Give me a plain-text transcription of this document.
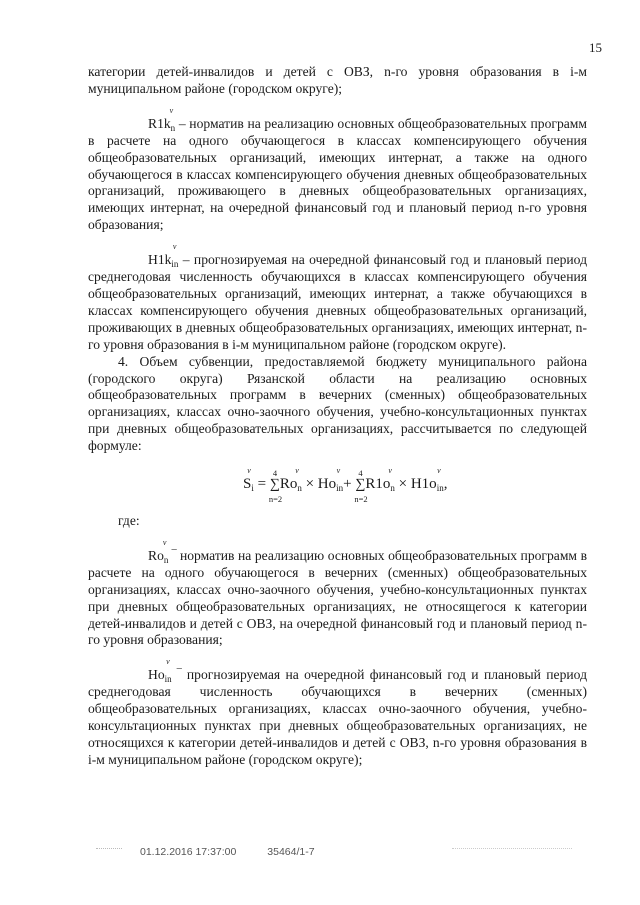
15

категории детей-инвалидов и детей с ОВЗ, n-го уровня образования в i-м муниципальном районе (городском округе);

v
$R1k_n$ – норматив на реализацию основных общеобразовательных программ в расчете на одного обучающегося в классах компенсирующего обучения общеобразовательных организаций, имеющих интернат, а также на одного обучающегося в классах компенсирующего обучения дневных общеобразовательных организаций, проживающего в дневных общеобразовательных организациях, имеющих интернат, на очередной финансовый год и плановый период n-го уровня образования;

v
$H1k_{in}$ – прогнозируемая на очередной финансовый год и плановый период среднегодовая численность обучающихся в классах компенсирующего обучения общеобразовательных организаций, имеющих интернат, а также обучающихся в классах компенсирующего обучения дневных общеобразовательных организаций, проживающих в дневных общеобразовательных организациях, имеющих интернат, n-го уровня образования в i-м муниципальном районе (городском округе).

4. Объем субвенции, предоставляемой бюджету муниципального района (городского округа) Рязанской области на реализацию основных общеобразовательных программ в вечерних (сменных) общеобразовательных организациях, классах очно-заочного обучения, учебно-консультационных пунктах при дневных общеобразовательных организациях, рассчитывается по следующей формуле:

v
$S_i$ =
4
∑
n=2
v
$Ro_n$ ×
v
$Ho_{in}+$
4
∑
n=2
v
$R1o_n$ ×
v
$H1o_{in}$,

где:

v
$Ro_n$ ‾ норматив на реализацию основных общеобразовательных программ в расчете на одного обучающегося в вечерних (сменных) общеобразовательных организациях, классах очно-заочного обучения, учебно-консультационных пунктах при дневных общеобразовательных организациях, не относящегося к категории детей-инвалидов и детей с ОВЗ, на очередной финансовый год и плановый период n-го уровня образования;

v
$Ho_{in}$ ‾ прогнозируемая на очередной финансовый год и плановый период среднегодовая численность обучающихся в вечерних (сменных) общеобразовательных организациях, классах очно-заочного обучения, учебно-консультационных пунктах при дневных общеобразовательных организациях, не относящихся к категории детей-инвалидов и детей с ОВЗ, n-го уровня образования в i-м муниципальном районе (городском округе);

01.12.2016 17:37:00	35464/1-7
